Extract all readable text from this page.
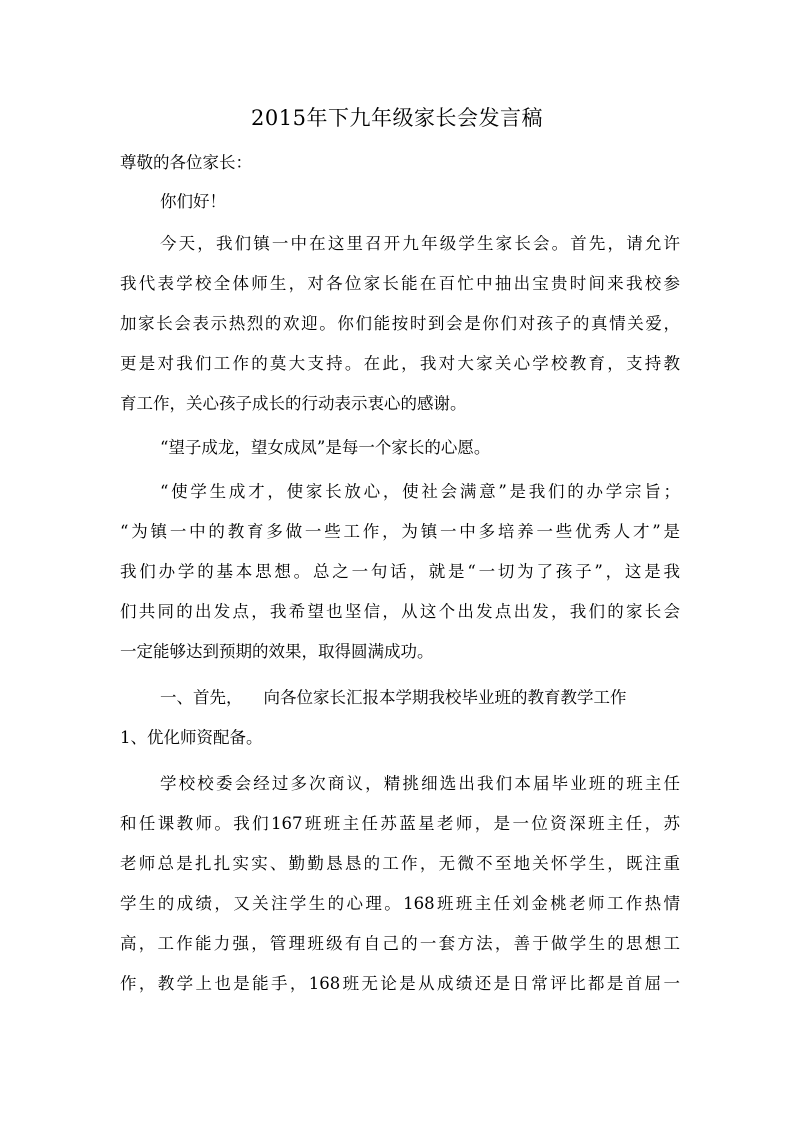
2015年下九年级家长会发言稿
尊敬的各位家长：
你们好！
今天，我们镇一中在这里召开九年级学生家长会。首先，请允许
我代表学校全体师生，对各位家长能在百忙中抽出宝贵时间来我校参
加家长会表示热烈的欢迎。你们能按时到会是你们对孩子的真情关爱，
更是对我们工作的莫大支持。在此，我对大家关心学校教育，支持教
育工作，关心孩子成长的行动表示衷心的感谢。
“望子成龙，望女成凤”是每一个家长的心愿。
“使学生成才，使家长放心，使社会满意”是我们的办学宗旨；
“为镇一中的教育多做一些工作，为镇一中多培养一些优秀人才”是
我们办学的基本思想。总之一句话，就是“一切为了孩子”，这是我
们共同的出发点，我希望也坚信，从这个出发点出发，我们的家长会
一定能够达到预期的效果，取得圆满成功。
一、首先，    向各位家长汇报本学期我校毕业班的教育教学工作
1、优化师资配备。
学校校委会经过多次商议，精挑细选出我们本届毕业班的班主任
和任课教师。我们167班班主任苏蓝星老师，是一位资深班主任，苏
老师总是扎扎实实、勤勤恳恳的工作，无微不至地关怀学生，既注重
学生的成绩，又关注学生的心理。168班班主任刘金桃老师工作热情
高，工作能力强，管理班级有自己的一套方法，善于做学生的思想工
作，教学上也是能手，168班无论是从成绩还是日常评比都是首屈一
